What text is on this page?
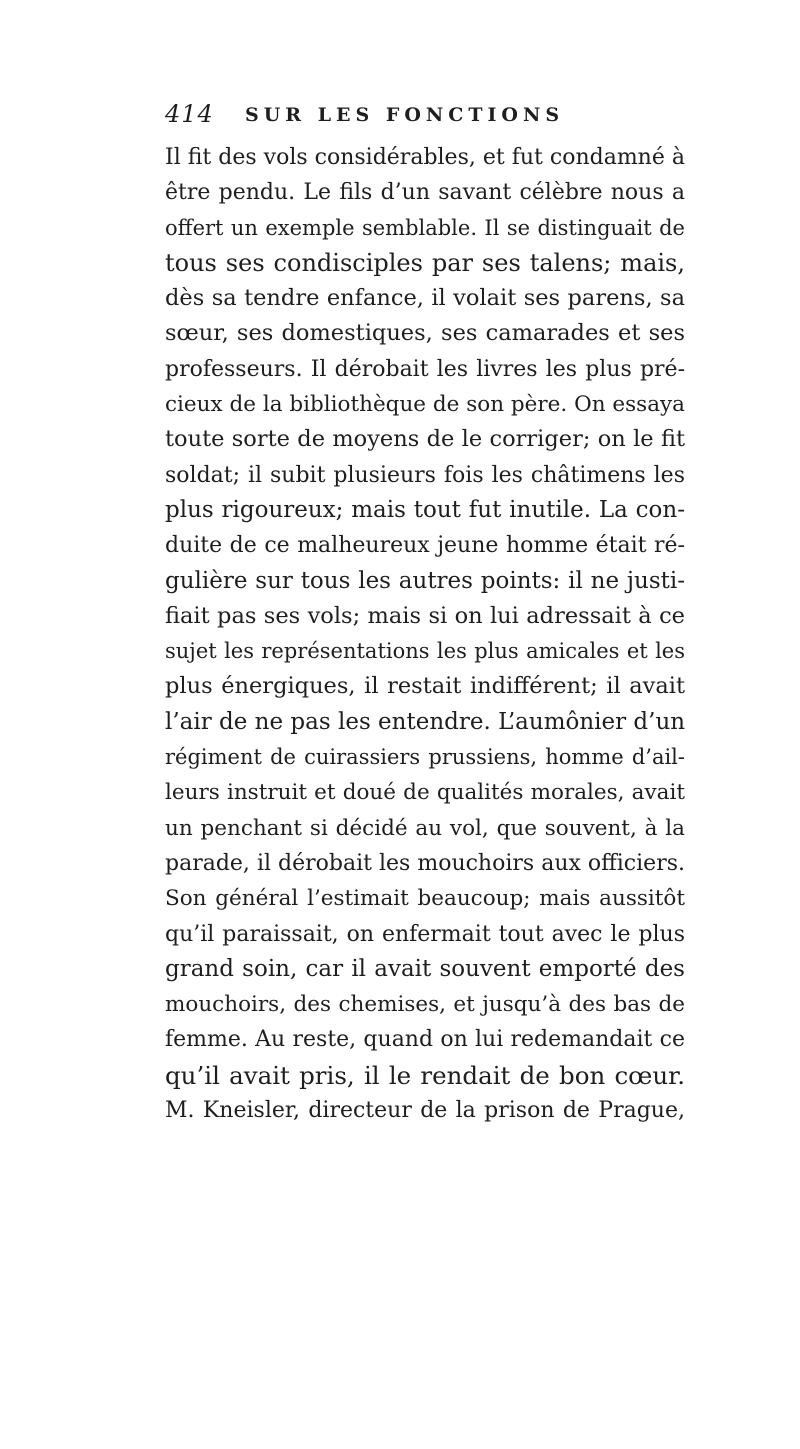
414 SUR LES FONCTIONS
Il fit des vols considérables, et fut condamné à
être pendu. Le fils d’un savant célèbre nous a
offert un exemple semblable. Il se distinguait de
tous ses condisciples par ses talens; mais,
dès sa tendre enfance, il volait ses parens, sa
sœur, ses domestiques, ses camarades et ses
professeurs. Il dérobait les livres les plus pré-
cieux de la bibliothèque de son père. On essaya
toute sorte de moyens de le corriger; on le fit
soldat; il subit plusieurs fois les châtimens les
plus rigoureux; mais tout fut inutile. La con-
duite de ce malheureux jeune homme était ré-
gulière sur tous les autres points: il ne justi-
fiait pas ses vols; mais si on lui adressait à ce
sujet les représentations les plus amicales et les
plus énergiques, il restait indifférent; il avait
l’air de ne pas les entendre. L’aumônier d’un
régiment de cuirassiers prussiens, homme d’ail-
leurs instruit et doué de qualités morales, avait
un penchant si décidé au vol, que souvent, à la
parade, il dérobait les mouchoirs aux officiers.
Son général l’estimait beaucoup; mais aussitôt
qu’il paraissait, on enfermait tout avec le plus
grand soin, car il avait souvent emporté des
mouchoirs, des chemises, et jusqu’à des bas de
femme. Au reste, quand on lui redemandait ce
qu’il avait pris, il le rendait de bon cœur.
M. Kneisler, directeur de la prison de Prague,
